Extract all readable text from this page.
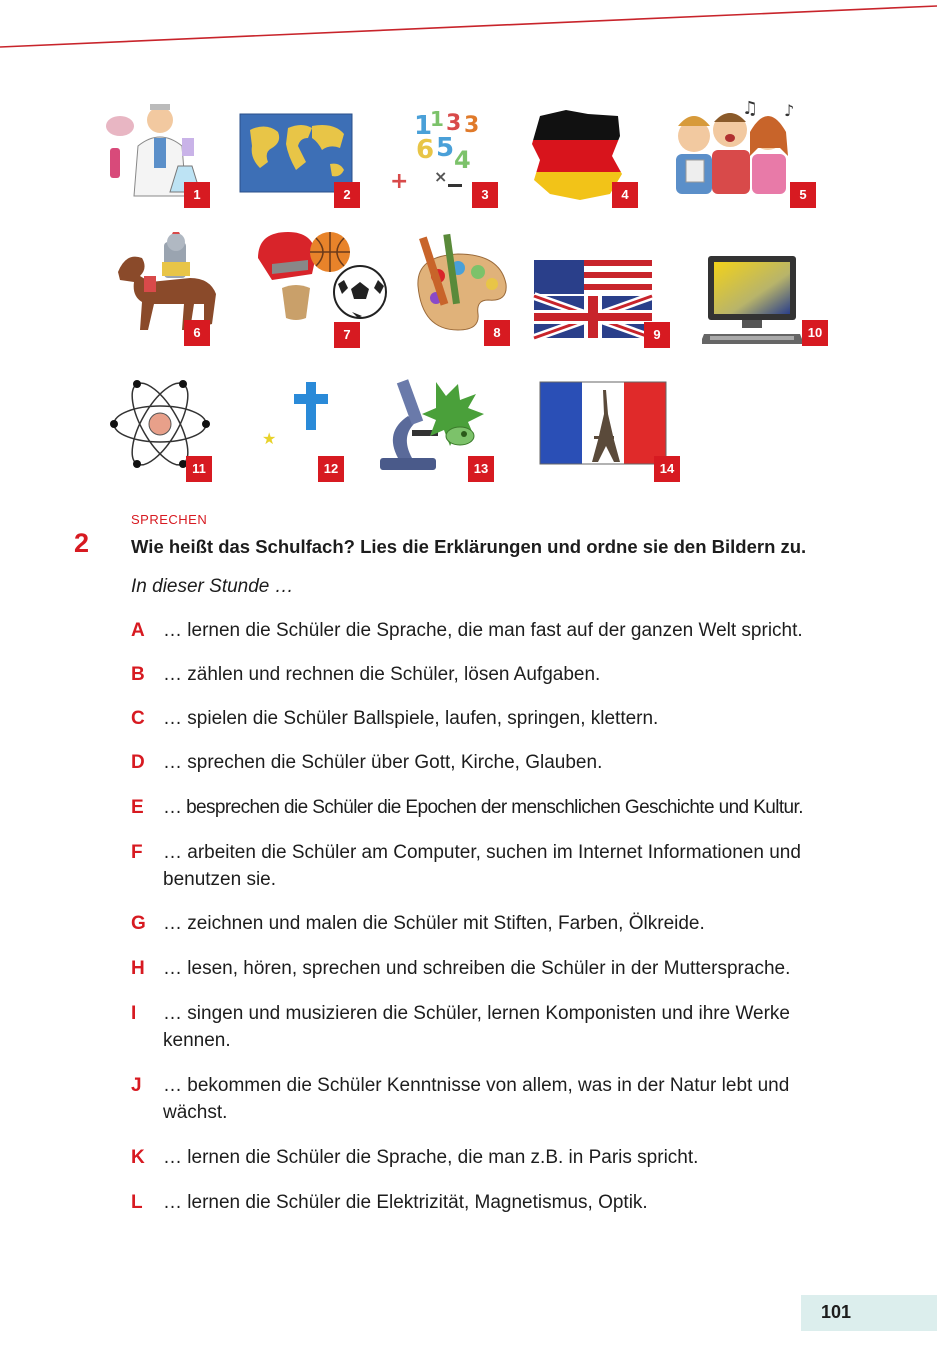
1	2
1
1 3 3
6 5 4
+ ×
3	4
♫ ♪
5
6	7	8	9	10
11
★
12	13	14
SPRECHEN
2 Wie heißt das Schulfach? Lies die Erklärungen und ordne sie den Bildern zu.
In dieser Stunde …
A … lernen die Schüler die Sprache, die man fast auf der ganzen Welt spricht.
B … zählen und rechnen die Schüler, lösen Aufgaben.
C … spielen die Schüler Ballspiele, laufen, springen, klettern.
D … sprechen die Schüler über Gott, Kirche, Glauben.
E	… besprechen die Schüler die Epochen der menschlichen Geschichte und Kultur.
F	… arbeiten die Schüler am Computer, suchen im Internet Informationen und benutzen sie.
G … zeichnen und malen die Schüler mit Stiften, Farben, Ölkreide.
H … lesen, hören, sprechen und schreiben die Schüler in der Muttersprache.
I	… singen und musizieren die Schüler, lernen Komponisten und ihre Werke kennen.
J	… bekommen die Schüler Kenntnisse von allem, was in der Natur lebt und wächst.
K … lernen die Schüler die Sprache, die man z.B. in Paris spricht.
L	… lernen die Schüler die Elektrizität, Magnetismus, Optik.
101
